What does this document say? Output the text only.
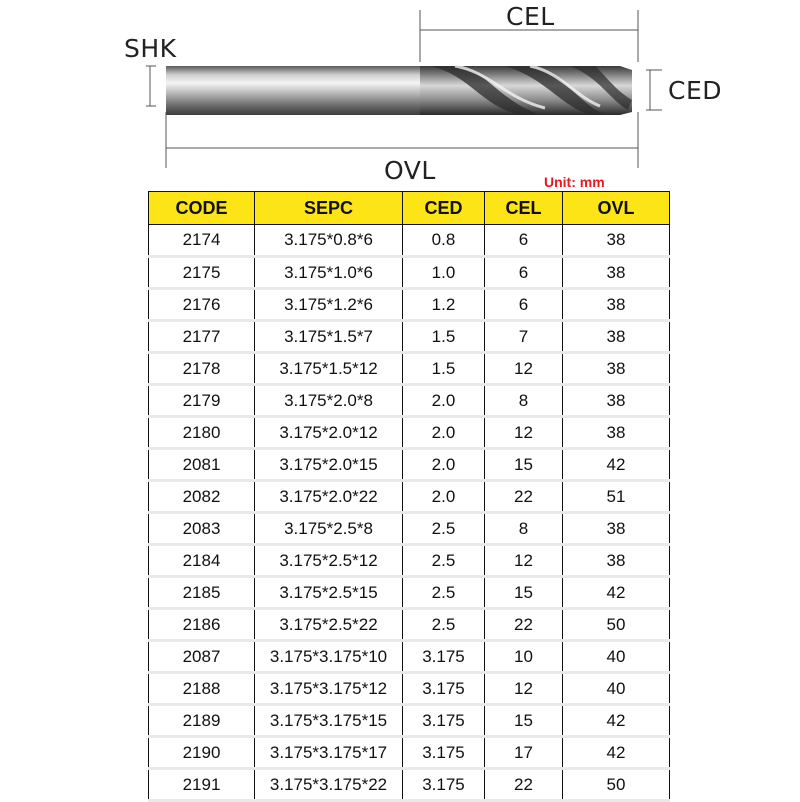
SHK
CEL
CED
OVL	Unit: mm
CODE	SEPC	CED	CEL	OVL
2174	3.175*0.8*6	0.8	6	38
2175	3.175*1.0*6	1.0	6	38
2176	3.175*1.2*6	1.2	6	38
2177	3.175*1.5*7	1.5	7	38
2178	3.175*1.5*12	1.5	12	38
2179	3.175*2.0*8	2.0	8	38
2180	3.175*2.0*12	2.0	12	38
2081	3.175*2.0*15	2.0	15	42
2082	3.175*2.0*22	2.0	22	51
2083	3.175*2.5*8	2.5	8	38
2184	3.175*2.5*12	2.5	12	38
2185	3.175*2.5*15	2.5	15	42
2186	3.175*2.5*22	2.5	22	50
2087	3.175*3.175*10	3.175	10	40
2188	3.175*3.175*12	3.175	12	40
2189	3.175*3.175*15	3.175	15	42
2190	3.175*3.175*17	3.175	17	42
2191	3.175*3.175*22	3.175	22	50
